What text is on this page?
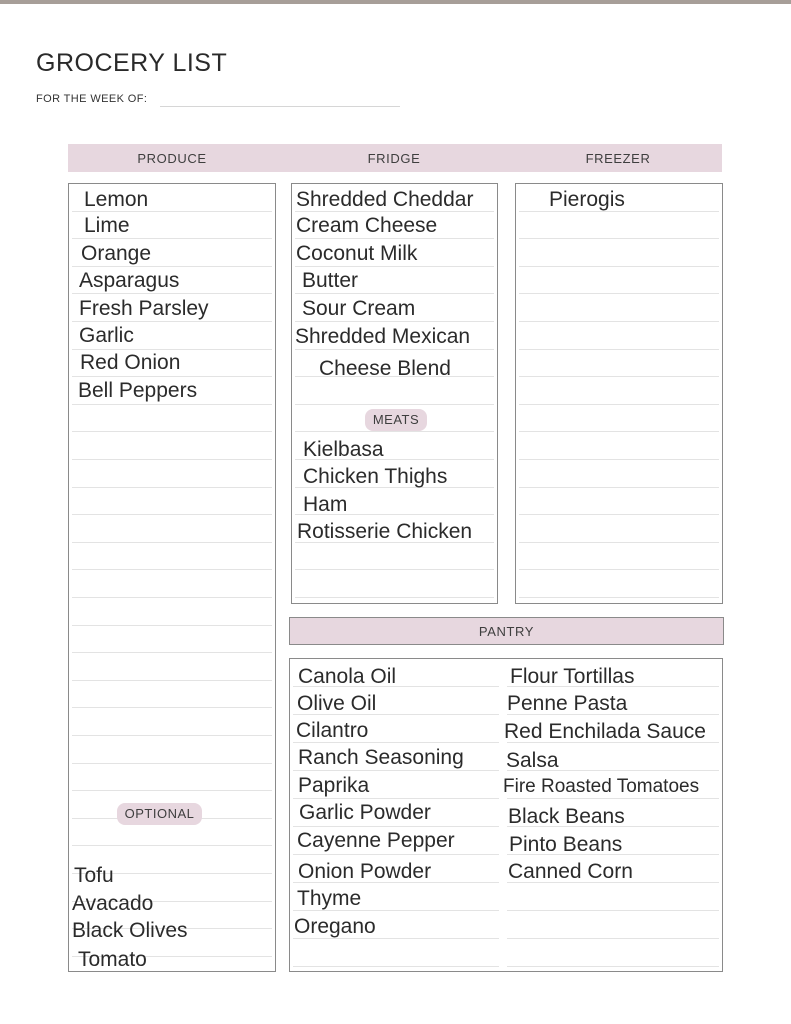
GROCERY LIST
FOR THE WEEK OF:
PRODUCE	FRIDGE	FREEZER
PANTRY
Lemon
Lime
Orange
Asparagus
Fresh Parsley
Garlic
Red Onion
Bell Peppers
OPTIONAL
Tofu
Avacado
Black Olives
Tomato
Shredded Cheddar
Cream Cheese
Coconut Milk
Butter
Sour Cream
Shredded Mexican
Cheese Blend
MEATS
Kielbasa
Chicken Thighs
Ham
Rotisserie Chicken
Pierogis
Canola Oil
Olive Oil
Cilantro
Ranch Seasoning
Paprika
Garlic Powder
Cayenne Pepper
Onion Powder
Thyme
Oregano
Flour Tortillas
Penne Pasta
Red Enchilada Sauce
Salsa
Fire Roasted Tomatoes
Black Beans
Pinto Beans
Canned Corn
